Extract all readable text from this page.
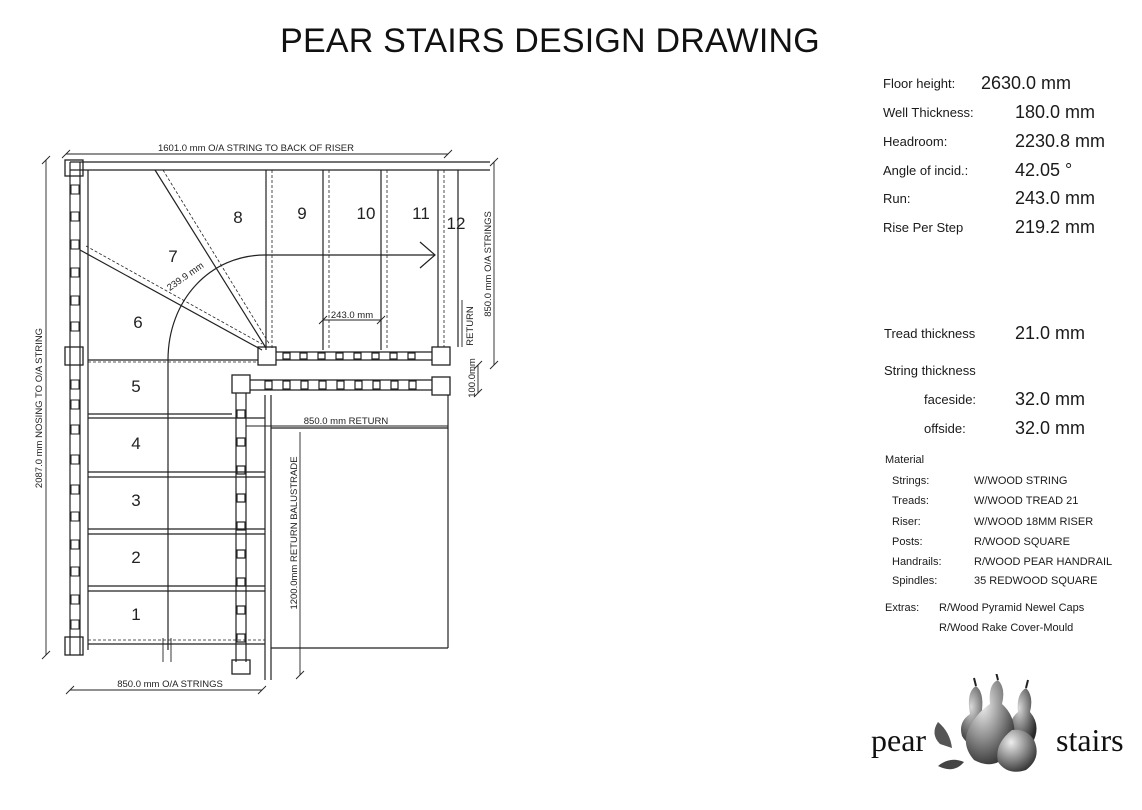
PEAR STAIRS DESIGN DRAWING
1601.0 mm O/A STRING TO BACK OF RISER
2087.0 mm NOSING TO O/A STRING
850.0 mm O/A STRINGS
RETURN
243.0 mm
239.9 mm
100.0mm
850.0 mm RETURN
1200.0mm RETURN BALUSTRADE
850.0 mm O/A STRINGS
1
2
3
4
5
6
7
8	9	10 11
12
Floor height: 2630.0 mm
Well Thickness: 180.0 mm
Headroom:	2230.8 mm
Angle of incid.:	42.05 °
Run:	243.0 mm
Rise Per Step	219.2 mm
Tread thickness 21.0 mm
String thickness
faceside: 32.0 mm
offside:	32.0 mm
Material
Strings:	W/WOOD STRING
Treads:	W/WOOD TREAD 21
Riser:	W/WOOD 18MM RISER
Posts:	R/WOOD SQUARE
Handrails:	R/WOOD PEAR HANDRAIL
Spindles:	35 REDWOOD SQUARE
Extras: R/Wood Pyramid Newel Caps
R/Wood Rake Cover-Mould
pear	stairs
